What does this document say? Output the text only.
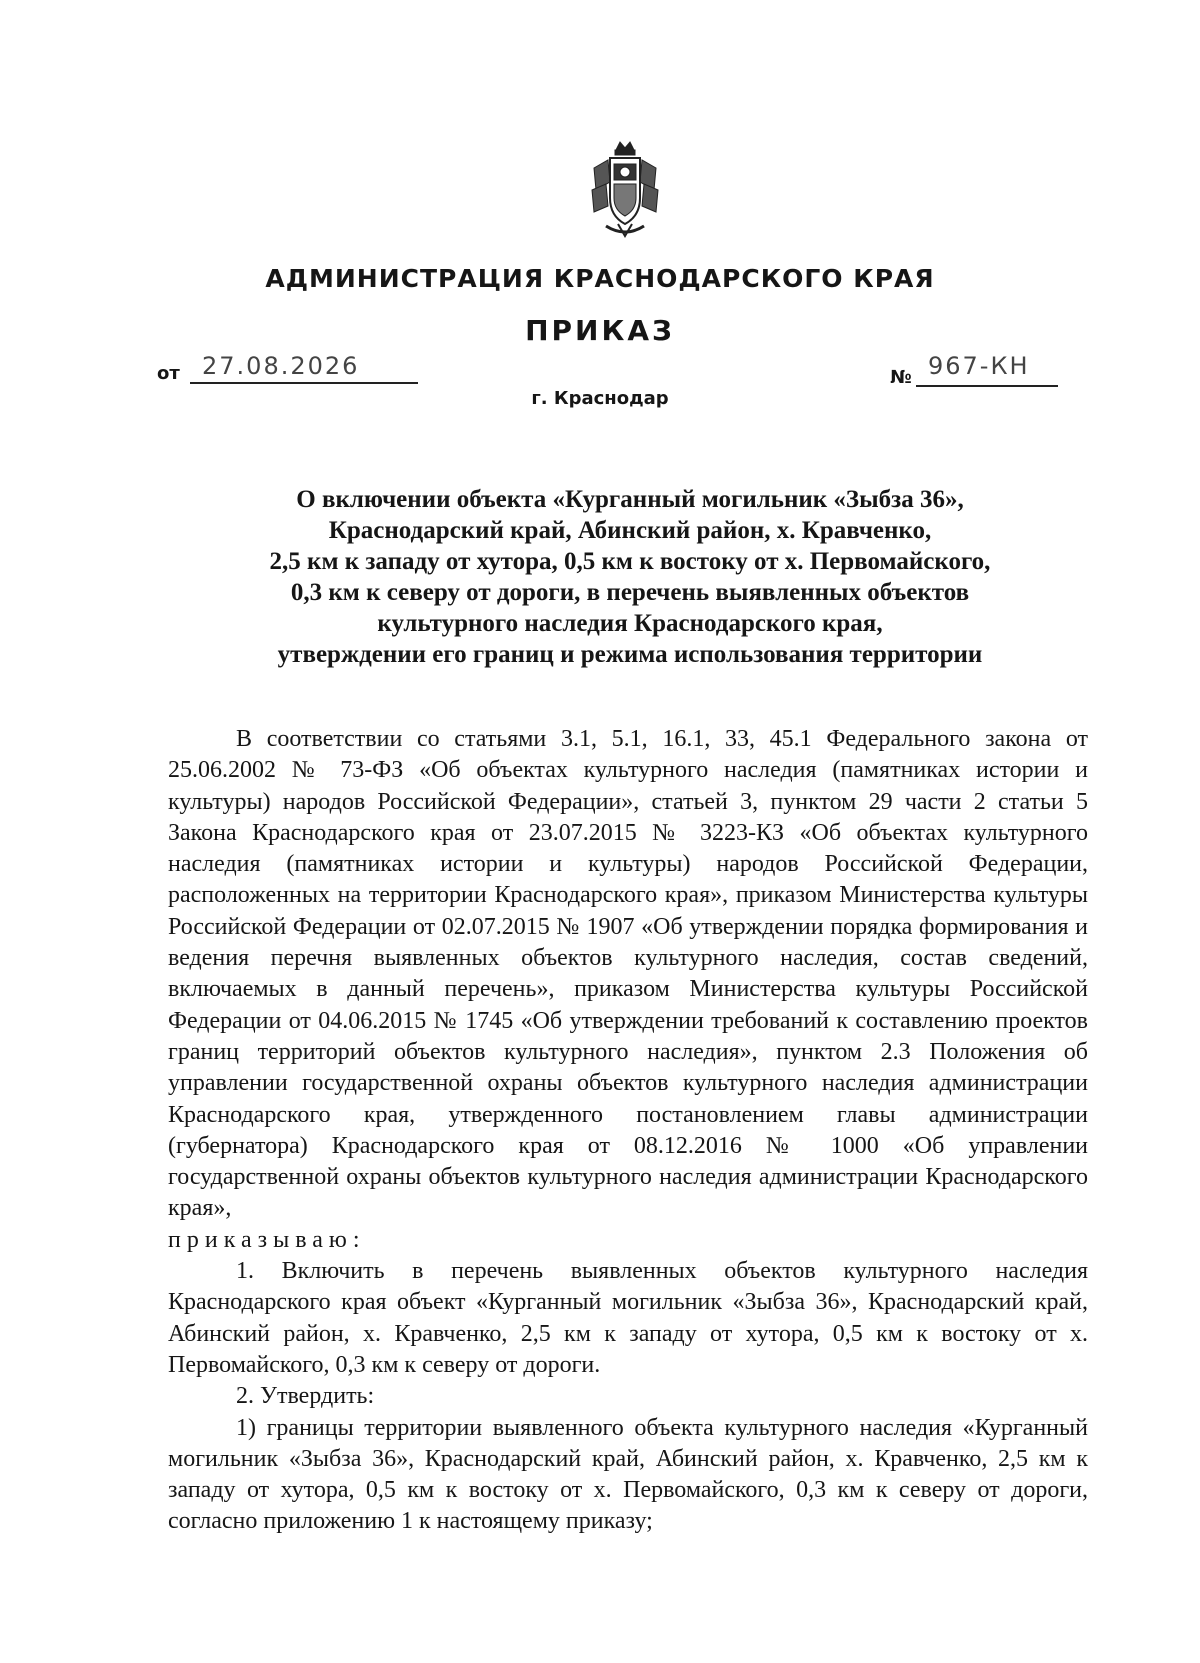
АДМИНИСТРАЦИЯ КРАСНОДАРСКОГО КРАЯ
ПРИКАЗ
от 27.08.2026
г. Краснодар
№ 967-КН
О включении объекта «Курганный могильник «Зыбза 36»,
Краснодарский край, Абинский район, х. Кравченко,
2,5 км к западу от хутора, 0,5 км к востоку от х. Первомайского,
0,3 км к северу от дороги, в перечень выявленных объектов
культурного наследия Краснодарского края,
утверждении его границ и режима использования территории

В соответствии со статьями 3.1, 5.1, 16.1, 33, 45.1 Федерального закона от 25.06.2002 № 73-ФЗ «Об объектах культурного наследия (памятниках истории и культуры) народов Российской Федерации», статьей 3, пунктом 29 части 2 статьи 5 Закона Краснодарского края от 23.07.2015 № 3223-КЗ «Об объектах культурного наследия (памятниках истории и культуры) народов Российской Федерации, расположенных на территории Краснодарского края», приказом Министерства культуры Российской Федерации от 02.07.2015 № 1907 «Об утверждении порядка формирования и ведения перечня выявленных объектов культурного наследия, состав сведений, включаемых в данный перечень», приказом Министерства культуры Российской Федерации от 04.06.2015 № 1745 «Об утверждении требований к составлению проектов границ территорий объектов культурного наследия», пунктом 2.3 Положения об управлении государственной охраны объектов культурного наследия администрации Краснодарского края, утвержденного постановлением главы администрации (губернатора) Краснодарского края от 08.12.2016 № 1000 «Об управлении государственной охраны объектов культурного наследия администрации Краснодарского края»,

приказываю:

1. Включить в перечень выявленных объектов культурного наследия Краснодарского края объект «Курганный могильник «Зыбза 36», Краснодарский край, Абинский район, х. Кравченко, 2,5 км к западу от хутора, 0,5 км к востоку от х. Первомайского, 0,3 км к северу от дороги.

2. Утвердить:

1) границы территории выявленного объекта культурного наследия «Курганный могильник «Зыбза 36», Краснодарский край, Абинский район, х. Кравченко, 2,5 км к западу от хутора, 0,5 км к востоку от х. Первомайского, 0,3 км к северу от дороги, согласно приложению 1 к настоящему приказу;
